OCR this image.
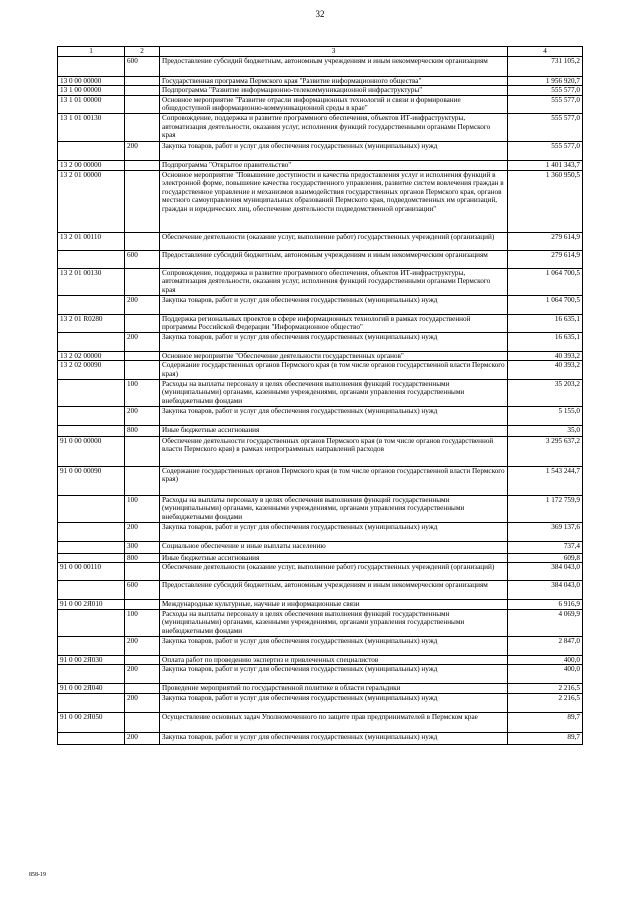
32
1	2	3	4
	600	Предоставление субсидий бюджетным, автономным учреждениям и иным некоммерческим организациям	731 105,2
13 0 00 00000		Государственная программа Пермского края "Развитие информационного общества"	1 956 920,7
13 1 00 00000		Подпрограмма "Развитие информационно-телекоммуникационной инфраструктуры"	555 577,0
13 1 01 00000		Основное мероприятие "Развитие отрасли информационных технологий и связи и формирование общедоступной информационно-коммуникационной среды в крае"	555 577,0
13 1 01 00130		Сопровождение, поддержка и развитие программного обеспечения, объектов ИТ-инфраструктуры, автоматизация деятельности, оказания услуг, исполнения функций государственными органами Пермского края	555 577,0
	200	Закупка товаров, работ и услуг для обеспечения государственных (муниципальных) нужд	555 577,0
13 2 00 00000		Подпрограмма "Открытое правительство"	1 401 343,7
13 2 01 00000		Основное мероприятие "Повышение доступности и качества предоставления услуг и исполнения функций в электронной форме, повышение качества государственного управления, развитие систем вовлечения граждан в государственное управление и механизмов взаимодействия государственных органов Пермского края, органов местного самоуправления муниципальных образований Пермского края, подведомственных им организаций, граждан и юридических лиц, обеспечение деятельности подведомственной организации"	1 360 950,5
13 2 01 00110		Обеспечение деятельности (оказание услуг, выполнение работ) государственных учреждений (организаций)	279 614,9
	600	Предоставление субсидий бюджетным, автономным учреждениям и иным некоммерческим организациям	279 614,9
13 2 01 00130		Сопровождение, поддержка и развитие программного обеспечения, объектов ИТ-инфраструктуры, автоматизация деятельности, оказания услуг, исполнения функций государственными органами Пермского края	1 064 700,5
	200	Закупка товаров, работ и услуг для обеспечения государственных (муниципальных) нужд	1 064 700,5
13 2 01 R0280		Поддержка региональных проектов в сфере информационных технологий в рамках государственной программы Российской Федерации "Информационное общество"	16 635,1
	200	Закупка товаров, работ и услуг для обеспечения государственных (муниципальных) нужд	16 635,1
13 2 02 00000		Основное мероприятие "Обеспечение деятельности государственных органов"	40 393,2
13 2 02 00090		Содержание государственных органов Пермского края (в том числе органов государственной власти Пермского края)	40 393,2
	100	Расходы на выплаты персоналу в целях обеспечения выполнения функций государственными (муниципальными) органами, казенными учреждениями, органами управления государственными внебюджетными фондами	35 203,2
	200	Закупка товаров, работ и услуг для обеспечения государственных (муниципальных) нужд	5 155,0
	800	Иные бюджетные ассигнования	35,0
91 0 00 00000		Обеспечение деятельности государственных органов Пермского края (в том числе органов государственной власти Пермского края) в рамках непрограммных направлений расходов	3 295 637,2
91 0 00 00090		Содержание государственных органов Пермского края (в том числе органов государственной власти Пермского края)	1 543 244,7
	100	Расходы на выплаты персоналу в целях обеспечения выполнения функций государственными (муниципальными) органами, казенными учреждениями, органами управления государственными внебюджетными фондами	1 172 759,9
	200	Закупка товаров, работ и услуг для обеспечения государственных (муниципальных) нужд	369 137,6
	300	Социальное обеспечение и иные выплаты населению	737,4
	800	Иные бюджетные ассигнования	609,8
91 0 00 00110		Обеспечение деятельности (оказание услуг, выполнение работ) государственных учреждений (организаций)	384 043,0
	600	Предоставление субсидий бюджетным, автономным учреждениям и иным некоммерческим организациям	384 043,0
91 0 00 2Я010		Международные культурные, научные и информационные связи	6 916,9
	100	Расходы на выплаты персоналу в целях обеспечения выполнения функций государственными (муниципальными) органами, казенными учреждениями, органами управления государственными внебюджетными фондами	4 069,9
	200	Закупка товаров, работ и услуг для обеспечения государственных (муниципальных) нужд	2 847,0
91 0 00 2Я030		Оплата работ по проведению экспертиз и привлеченных специалистов	400,0
	200	Закупка товаров, работ и услуг для обеспечения государственных (муниципальных) нужд	400,0
91 0 00 2Я040		Проведение мероприятий по государственной политике в области геральдики	2 216,5
	200	Закупка товаров, работ и услуг для обеспечения государственных (муниципальных) нужд	2 216,5
91 0 00 2Я050		Осуществление основных задач Уполномоченного по защите прав предпринимателей в Пермском крае	89,7
	200	Закупка товаров, работ и услуг для обеспечения государственных (муниципальных) нужд	89,7
858-19
